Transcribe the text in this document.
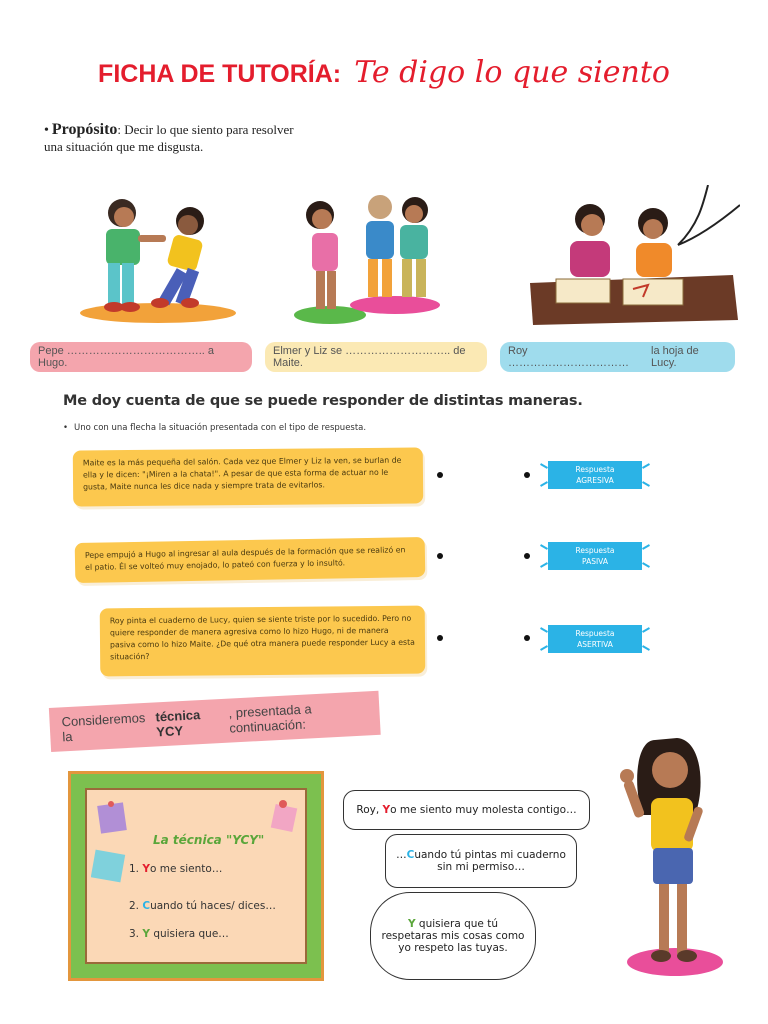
FICHA DE TUTORÍA: Te digo lo que siento
• Propósito: Decir lo que siento para resolver una situación que me disgusta.
Pepe ……………………………….. a Hugo.
Elmer y Liz se ……………………….. de Maite.
Roy ……………………………
la hoja de Lucy.
Me doy cuenta de que se puede responder de distintas maneras.
• Uno con una flecha la situación presentada con el tipo de respuesta.
Maite es la más pequeña del salón. Cada vez que Elmer y Liz la ven, se burlan de ella y le dicen: "¡Miren a la chata!". A pesar de que esta forma de actuar no le gusta, Maite nunca les dice nada y siempre trata de evitarlos.
Pepe empujó a Hugo al ingresar al aula después de la formación que se realizó en el patio. Él se volteó muy enojado, lo pateó con fuerza y lo insultó.
Roy pinta el cuaderno de Lucy, quien se siente triste por lo sucedido. Pero no quiere responder de manera agresiva como lo hizo Hugo, ni de manera pasiva como lo hizo Maite. ¿De qué otra manera puede responder Lucy a esta situación?
Respuesta
AGRESIVA
Respuesta
PASIVA
Respuesta
ASERTIVA
Consideremos la
técnica YCY
, presentada a continuación:
La técnica "YCY"
1. Yo me siento…
2. Cuando tú haces/ dices…
3. Y quisiera que…
Roy, Yo me siento muy molesta contigo…
…Cuando tú pintas mi cuaderno
sin mi permiso…
Y quisiera que tú
respetaras mis cosas como
yo respeto las tuyas.
